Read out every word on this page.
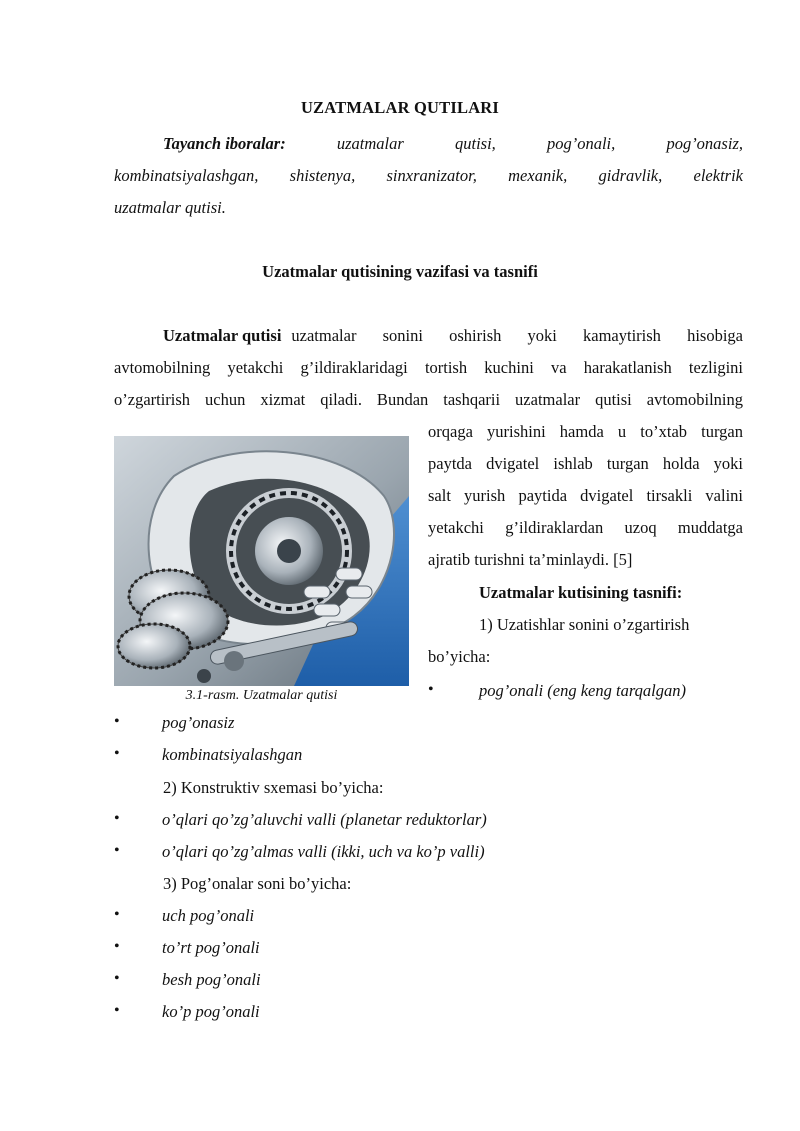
UZATMALAR QUTILARI
Tayanch iboralar:	uzatmalar	qutisi,	pog’onali,	pog’onasiz,
kombinatsiyalashgan, shistenya, sinxranizator, mexanik, gidravlik, elektrik
uzatmalar qutisi.
Uzatmalar qutisining vazifasi va tasnifi
Uzatmalar qutisi uzatmalar sonini oshirish yoki kamaytirish hisobiga
avtomobilning yetakchi g’ildiraklaridagi tortish kuchini va harakatlanish tezligini
o’zgartirish uchun xizmat qiladi. Bundan tashqarii uzatmalar qutisi avtomobilning
3.1-rasm. Uzatmalar qutisi
orqaga yurishini hamda u to’xtab turgan
paytda dvigatel ishlab turgan holda yoki
salt yurish paytida dvigatel tirsakli valini
yetakchi g’ildiraklardan uzoq muddatga
ajratib turishni ta’minlaydi. [5]
Uzatmalar kutisining tasnifi:
1) Uzatishlar sonini o’zgartirish
bo’yicha:
•	pog’onali (eng keng tarqalgan)
•	pog’onasiz
•	kombinatsiyalashgan
2) Konstruktiv sxemasi bo’yicha:
•	o’qlari qo’zg’aluvchi valli (planetar reduktorlar)
•	o’qlari qo’zg’almas valli (ikki, uch va ko’p valli)
3) Pog’onalar soni bo’yicha:
•	uch pog’onali
•	to’rt pog’onali
•	besh pog’onali
•	ko’p pog’onali
